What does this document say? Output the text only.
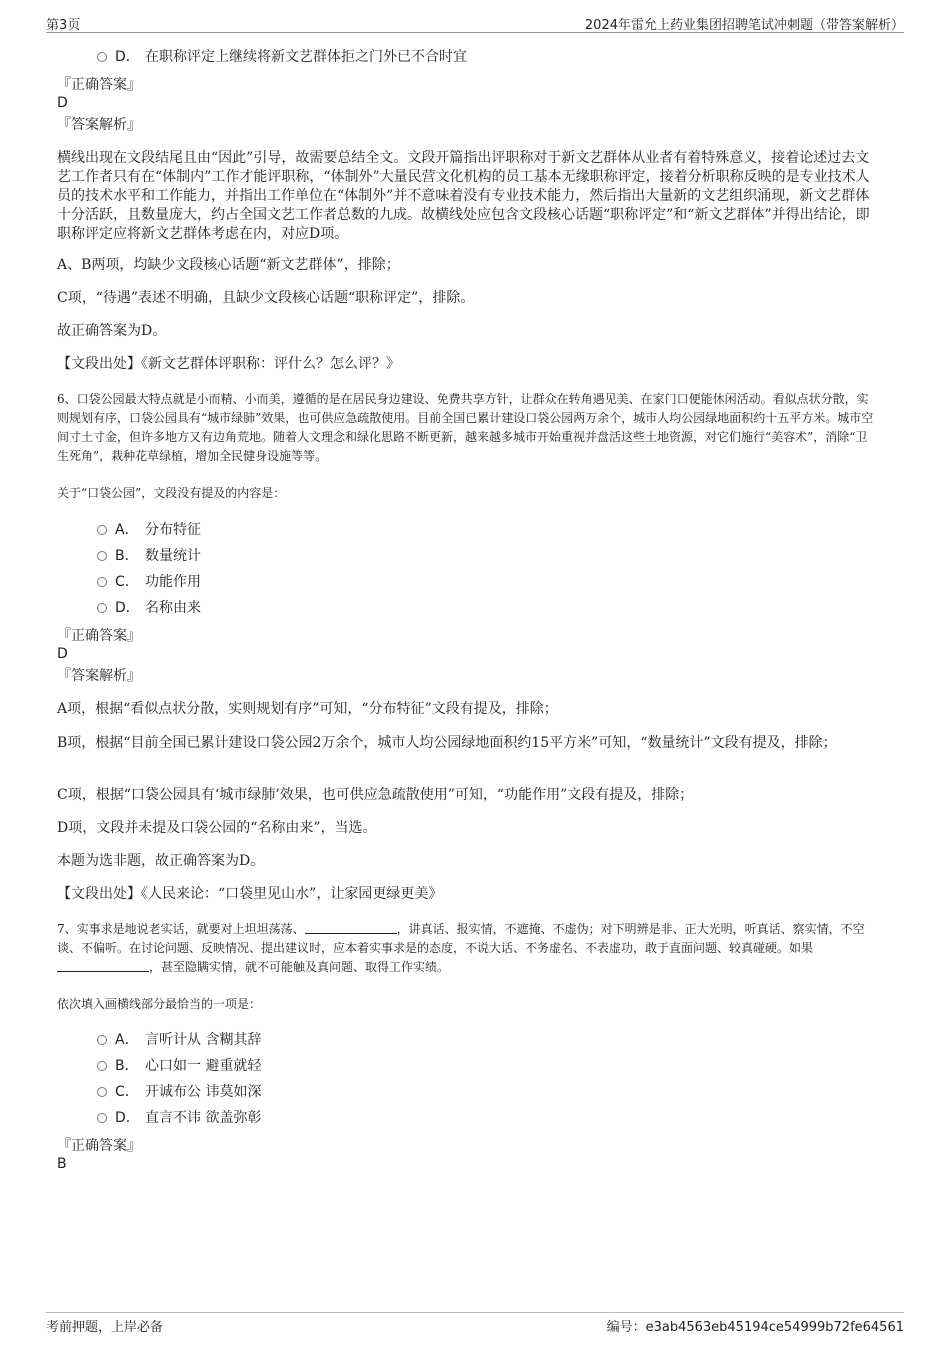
第3页	2024年雷允上药业集团招聘笔试冲刺题（带答案解析）
D． 在职称评定上继续将新文艺群体拒之门外已不合时宜
『正确答案』
D
『答案解析』
横线出现在文段结尾且由“因此”引导，故需要总结全文。文段开篇指出评职称对于新文艺群体从业者有着特殊意义，接着论述过去文艺工作者只有在“体制内”工作才能评职称，“体制外”大量民营文化机构的员工基本无缘职称评定，接着分析职称反映的是专业技术人员的技术水平和工作能力，并指出工作单位在“体制外”并不意味着没有专业技术能力，然后指出大量新的文艺组织涌现，新文艺群体十分活跃，且数量庞大，约占全国文艺工作者总数的九成。故横线处应包含文段核心话题“职称评定”和“新文艺群体”并得出结论，即职称评定应将新文艺群体考虑在内，对应D项。
A、B两项，均缺少文段核心话题“新文艺群体”，排除；
C项，“待遇”表述不明确，且缺少文段核心话题“职称评定”，排除。
故正确答案为D。
【文段出处】《新文艺群体评职称：评什么？怎么评？》
6、口袋公园最大特点就是小而精、小而美，遵循的是在居民身边建设、免费共享方针，让群众在转角遇见美、在家门口便能休闲活动。看似点状分散，实则规划有序，口袋公园具有“城市绿肺”效果，也可供应急疏散使用。目前全国已累计建设口袋公园两万余个，城市人均公园绿地面积约十五平方米。城市空间寸土寸金，但许多地方又有边角荒地。随着人文理念和绿化思路不断更新，越来越多城市开始重视并盘活这些土地资源，对它们施行“美容术”，消除“卫生死角”，栽种花草绿植，增加全民健身设施等等。
关于“口袋公园”，文段没有提及的内容是：
A． 分布特征
B． 数量统计
C． 功能作用
D． 名称由来
『正确答案』
D
『答案解析』
A项，根据“看似点状分散，实则规划有序”可知，“分布特征”文段有提及，排除；
B项，根据“目前全国已累计建设口袋公园2万余个，城市人均公园绿地面积约15平方米”可知，“数量统计”文段有提及，排除；
C项，根据“口袋公园具有‘城市绿肺’效果，也可供应急疏散使用”可知，“功能作用”文段有提及，排除；
D项，文段并未提及口袋公园的“名称由来”，当选。
本题为选非题，故正确答案为D。
【文段出处】《人民来论：“口袋里见山水”，让家园更绿更美》
7、实事求是地说老实话，就要对上坦坦荡荡、	，讲真话、报实情，不遮掩、不虚伪；对下明辨是非、正大光明，听真话、察实情，不空谈、不偏听。在讨论问题、反映情况、提出建议时，应本着实事求是的态度，不说大话、不务虚名、不表虚功，敢于直面问题、较真碰硬。如果，甚至隐瞒实情，就不可能触及真问题、取得工作实绩。
依次填入画横线部分最恰当的一项是：
A． 言听计从 含糊其辞
B． 心口如一 避重就轻
C． 开诚布公 讳莫如深
D． 直言不讳 欲盖弥彰
『正确答案』
B
考前押题，上岸必备	编号：e3ab4563eb45194ce54999b72fe64561
